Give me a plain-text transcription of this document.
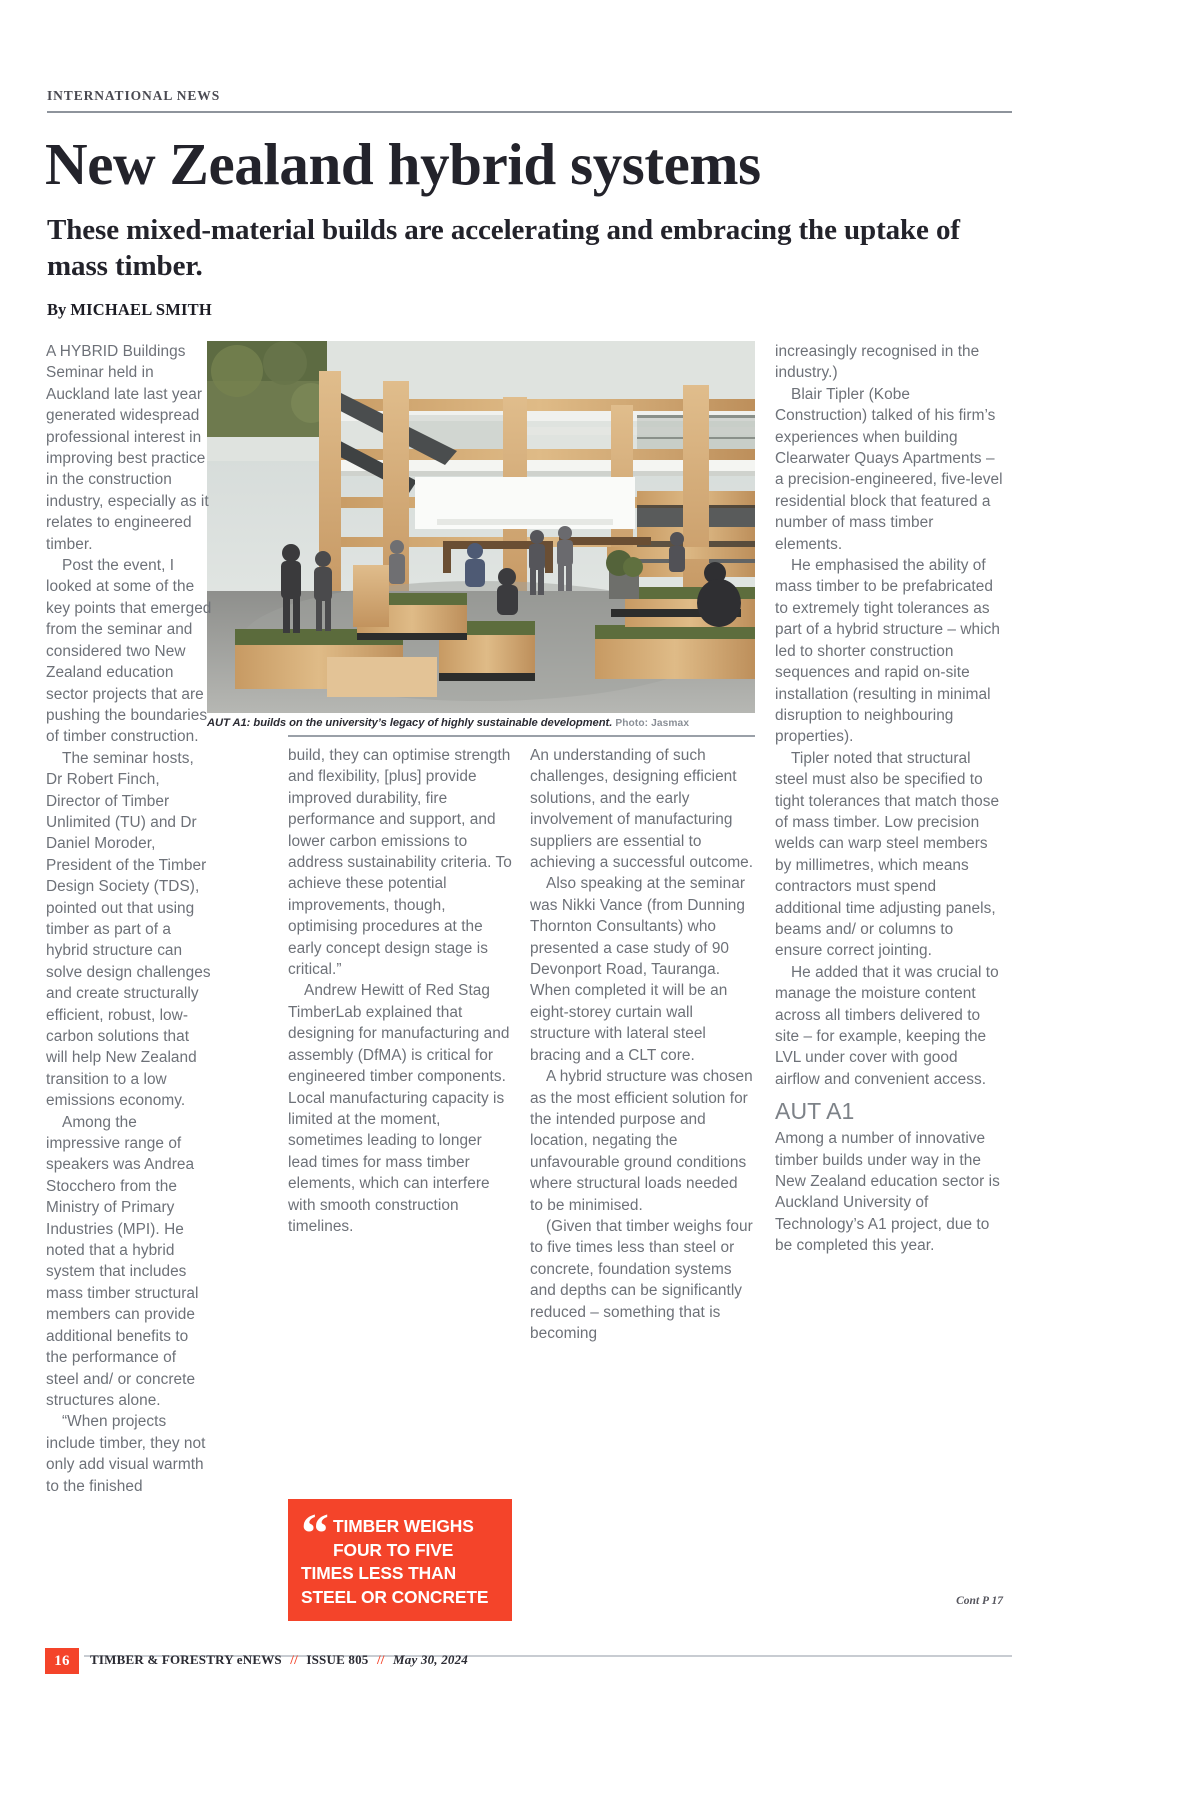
INTERNATIONAL NEWS
New Zealand hybrid systems
These mixed-material builds are accelerating and embracing the uptake of mass timber.
By MICHAEL SMITH
AUT A1: builds on the university’s legacy of highly sustainable development. Photo: Jasmax

A HYBRID Buildings Seminar held in Auckland late last year generated widespread professional interest in improving best practice in the construction industry, especially as it relates to engineered timber.

Post the event, I looked at some of the key points that emerged from the seminar and considered two New Zealand education sector projects that are pushing the boundaries of timber construction.

The seminar hosts, Dr Robert Finch, Director of Timber Unlimited (TU) and Dr Daniel Moroder, President of the Timber Design Society (TDS), pointed out that using timber as part of a hybrid structure can solve design challenges and create structurally efficient, robust, low-carbon solutions that will help New Zealand transition to a low emissions economy.

Among the impressive range of speakers was Andrea Stocchero from the Ministry of Primary Industries (MPI). He noted that a hybrid system that includes mass timber structural members can provide additional benefits to the performance of steel and/ or concrete structures alone.

“When projects include timber, they not only add visual warmth to the finished

build, they can optimise strength and flexibility, [plus] provide improved durability, fire performance and support, and lower carbon emissions to address sustainability criteria. To achieve these potential improvements, though, optimising procedures at the early concept design stage is critical.”

Andrew Hewitt of Red Stag TimberLab explained that designing for manufacturing and assembly (DfMA) is critical for engineered timber components. Local manufacturing capacity is limited at the moment, sometimes leading to longer lead times for mass timber elements, which can interfere with smooth construction timelines.

An understanding of such challenges, designing efficient solutions, and the early involvement of manufacturing suppliers are essential to achieving a successful outcome.

Also speaking at the seminar was Nikki Vance (from Dunning Thornton Consultants) who presented a case study of 90 Devonport Road, Tauranga. When completed it will be an eight-storey curtain wall structure with lateral steel bracing and a CLT core.

A hybrid structure was chosen as the most efficient solution for the intended purpose and location, negating the unfavourable ground conditions where structural loads needed to be minimised.

(Given that timber weighs four to five times less than steel or concrete, foundation systems and depths can be significantly reduced – something that is becoming

increasingly recognised in the industry.)

Blair Tipler (Kobe Construction) talked of his firm’s experiences when building Clearwater Quays Apartments – a precision-engineered, five-level residential block that featured a number of mass timber elements.

He emphasised the ability of mass timber to be prefabricated to extremely tight tolerances as part of a hybrid structure – which led to shorter construction sequences and rapid on-site installation (resulting in minimal disruption to neighbouring properties).

Tipler noted that structural steel must also be specified to tight tolerances that match those of mass timber. Low precision welds can warp steel members by millimetres, which means contractors must spend additional time adjusting panels, beams and/ or columns to ensure correct jointing.

He added that it was crucial to manage the moisture content across all timbers delivered to site – for example, keeping the LVL under cover with good airflow and convenient access.

AUT A1

Among a number of innovative timber builds under way in the New Zealand education sector is Auckland University of Technology’s A1 project, due to be completed this year.

“ TIMBER WEIGHS FOUR TO FIVE TIMES LESS THAN STEEL OR CONCRETE	Cont P 17
16	TIMBER & FORESTRY eNEWS // ISSUE 805 // May 30, 2024
